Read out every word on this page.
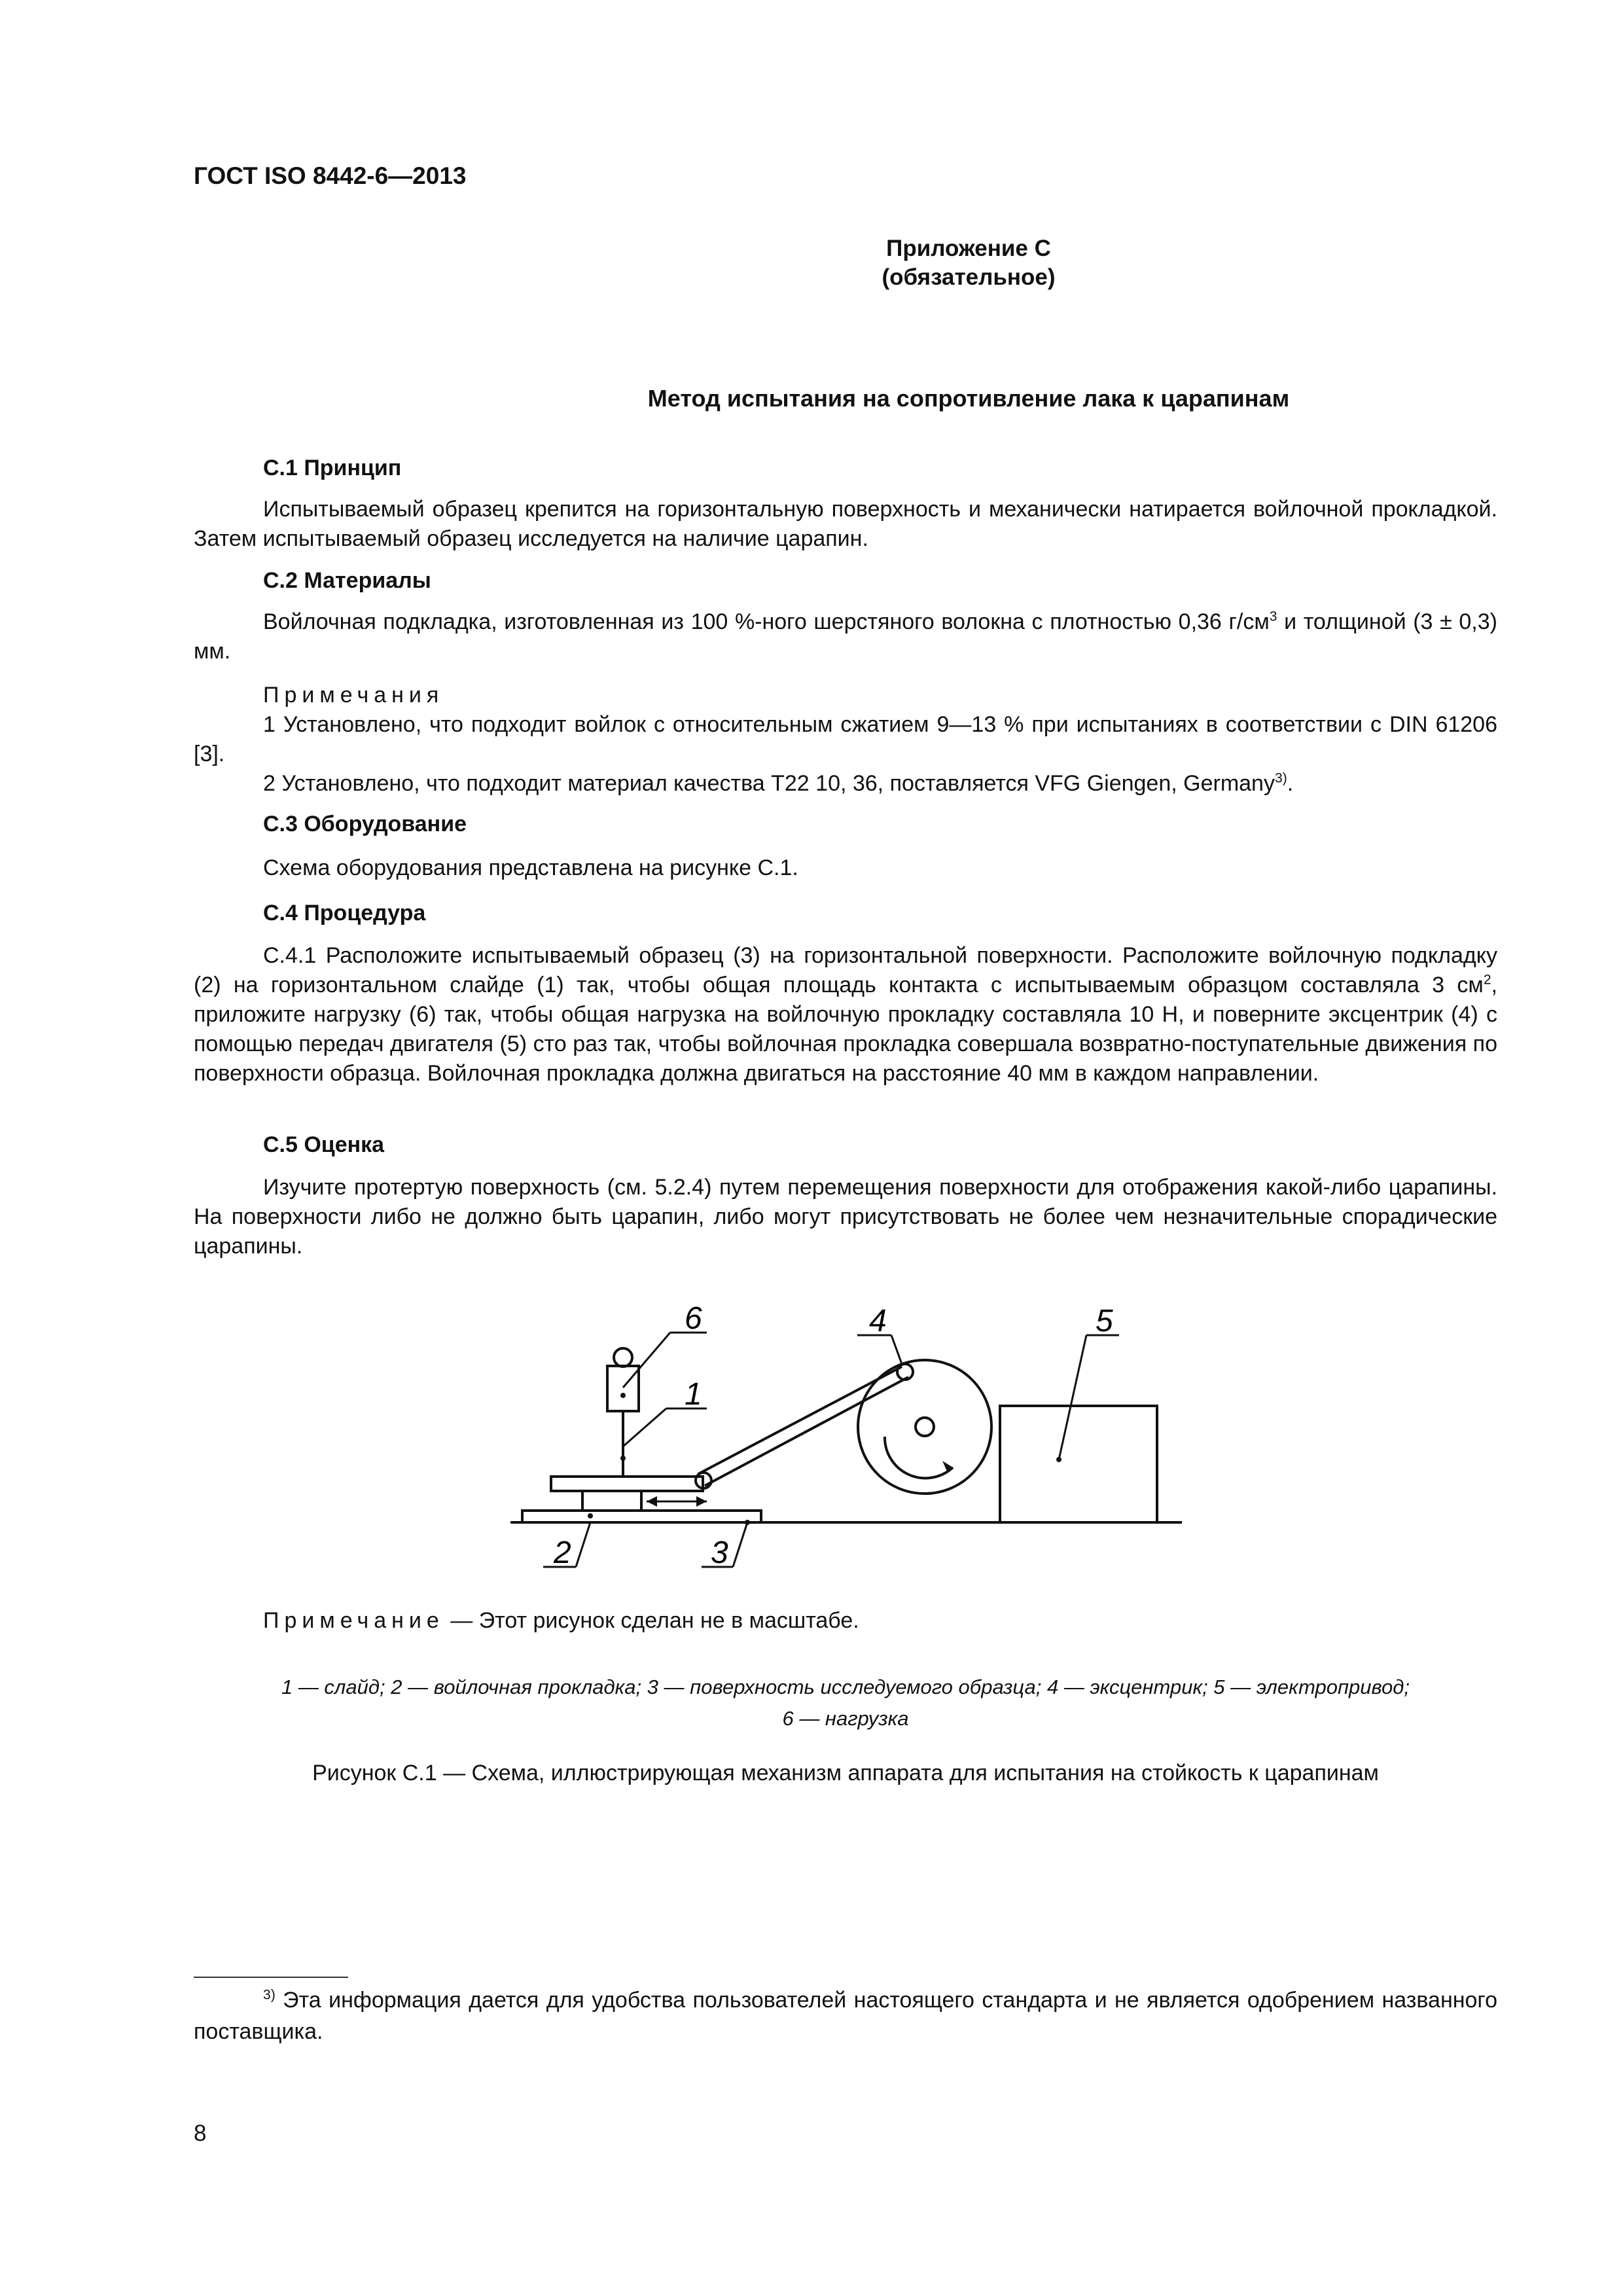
ГОСТ ISO 8442-6—2013
Приложение С
(обязательное)
Метод испытания на сопротивление лака к царапинам
С.1 Принцип

Испытываемый образец крепится на горизонтальную поверхность и механически натирается войлочной прокладкой. Затем испытываемый образец исследуется на наличие царапин.

С.2 Материалы

Войлочная подкладка, изготовленная из 100 %-ного шерстяного волокна с плотностью 0,36 $г/см^3$ и толщиной (3 ± 0,3) мм.

Примечания

1 Установлено, что подходит войлок с относительным сжатием 9—13 % при испытаниях в соответствии с DIN 61206 [3].

2 Установлено, что подходит материал качества T22 10, 36, поставляется VFG Giengen, Germany$^{3)}$.

С.3 Оборудование

Схема оборудования представлена на рисунке С.1.

С.4 Процедура

С.4.1 Расположите испытываемый образец (3) на горизонтальной поверхности. Расположите войлочную подкладку (2) на горизонтальном слайде (1) так, чтобы общая площадь контакта с испытываемым образцом составляла 3 $см^2$, приложите нагрузку (6) так, чтобы общая нагрузка на войлочную прокладку составляла 10 Н, и поверните эксцентрик (4) с помощью передач двигателя (5) сто раз так, чтобы войлочная прокладка совершала возвратно-поступательные движения по поверхности образца. Войлочная прокладка должна двигаться на расстояние 40 мм в каждом направлении.

С.5 Оценка

Изучите протертую поверхность (см. 5.2.4) путем перемещения поверхности для отображения какой-либо царапины. На поверхности либо не должно быть царапин, либо могут присутствовать не более чем незначительные спорадические царапины.

6
1
4	5
2	3

Примечание — Этот рисунок сделан не в масштабе.

1 — слайд; 2 — войлочная прокладка; 3 — поверхность исследуемого образца; 4 — эксцентрик; 5 — электропривод;
6 — нагрузка
Рисунок С.1 — Схема, иллюстрирующая механизм аппарата для испытания на стойкость к царапинам

$^{3)}$ Эта информация дается для удобства пользователей настоящего стандарта и не является одобрением названного поставщика.

8
